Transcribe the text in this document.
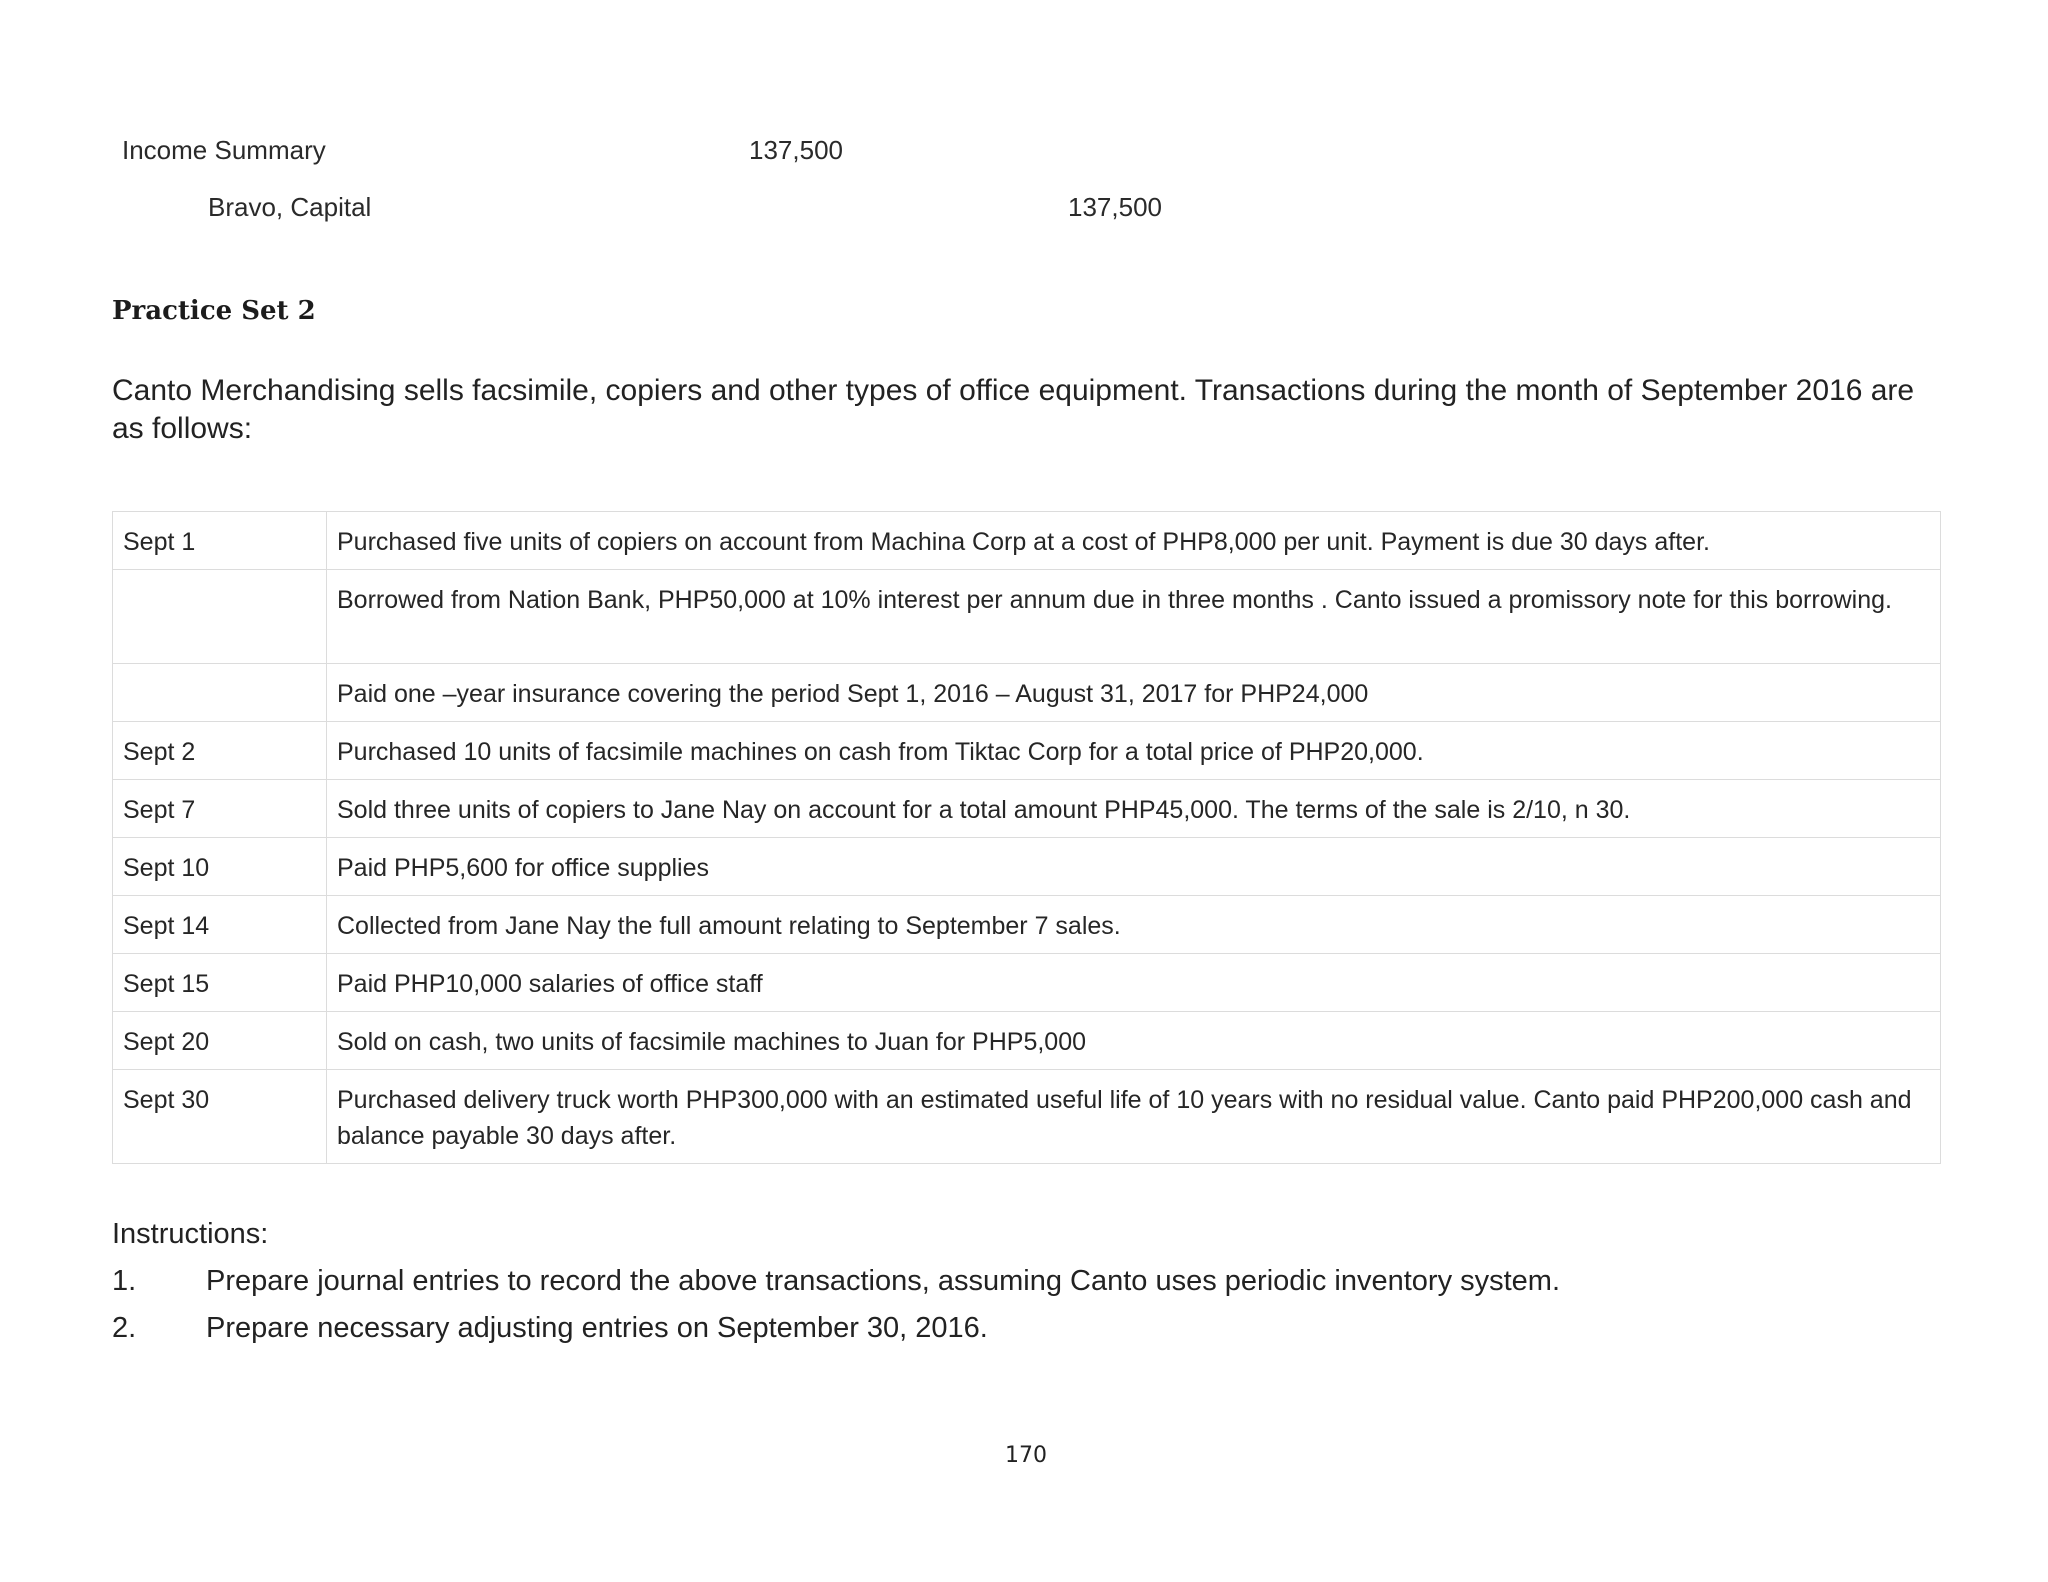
Income Summary	137,500
Bravo, Capital	137,500
Practice Set 2
Canto Merchandising sells facsimile, copiers and other types of office equipment. Transactions during the month of September 2016 are as follows:
Sept 1	Purchased five units of copiers on account from Machina Corp at a cost of PHP8,000 per unit. Payment is due 30 days after.
	Borrowed from Nation Bank, PHP50,000 at 10% interest per annum due in three months . Canto issued a promissory note for this borrowing.
	Paid one –year insurance covering the period Sept 1, 2016 – August 31, 2017 for PHP24,000
Sept 2	Purchased 10 units of facsimile machines on cash from Tiktac Corp for a total price of PHP20,000.
Sept 7	Sold three units of copiers to Jane Nay on account for a total amount PHP45,000. The terms of the sale is 2/10, n 30.
Sept 10	Paid PHP5,600 for office supplies
Sept 14	Collected from Jane Nay the full amount relating to September 7 sales.
Sept 15	Paid PHP10,000 salaries of office staff
Sept 20	Sold on cash, two units of facsimile machines to Juan for PHP5,000
Sept 30	Purchased delivery truck worth PHP300,000 with an estimated useful life of 10 years with no residual value. Canto paid PHP200,000 cash and balance payable 30 days after.
Instructions:
1. Prepare journal entries to record the above transactions, assuming Canto uses periodic inventory system.
2. Prepare necessary adjusting entries on September 30, 2016.
170
